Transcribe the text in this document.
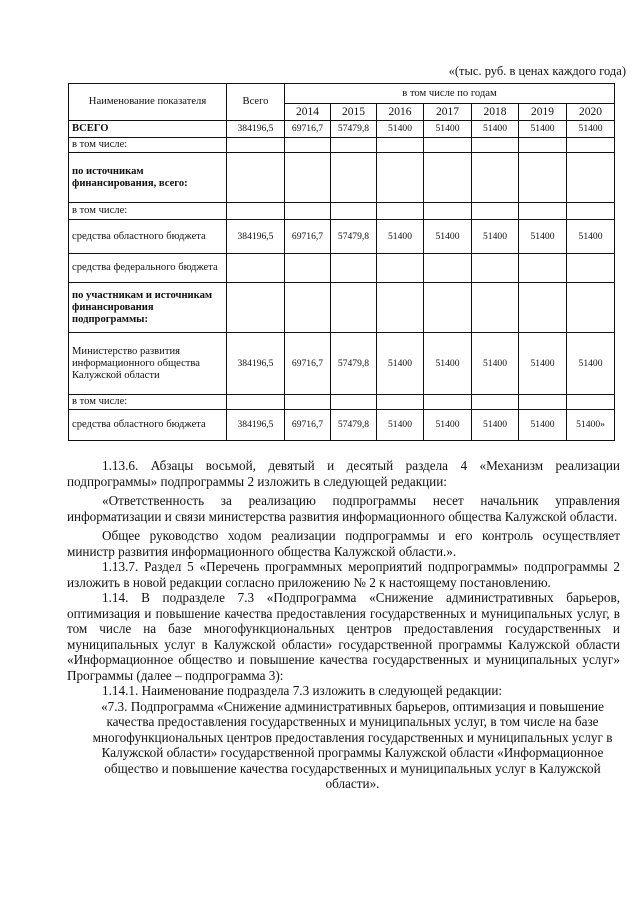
«(тыс. руб. в ценах каждого года)
Наименование показателя	Всего	в том числе по годам						
		2014	2015	2016	2017	2018	2019	2020
ВСЕГО	384196,5	69716,7	57479,8	51400	51400	51400	51400	51400
в том числе:								
по источникам финансирования, всего:								
в том числе:								
средства областного бюджета	384196,5	69716,7	57479,8	51400	51400	51400	51400	51400
средства федерального бюджета								
по участникам и источникам финансирования подпрограммы:								
Министерство развития информационного общества Калужской области	384196,5	69716,7	57479,8	51400	51400	51400	51400	51400
в том числе:								
средства областного бюджета	384196,5	69716,7	57479,8	51400	51400	51400	51400	51400»

1.13.6. Абзацы восьмой, девятый и десятый раздела 4 «Механизм реализации подпрограммы» подпрограммы 2 изложить в следующей редакции:

«Ответственность за реализацию подпрограммы несет начальник управления информатизации и связи министерства развития информационного общества Калужской области.

Общее руководство ходом реализации подпрограммы и его контроль осуществляет министр развития информационного общества Калужской области.».

1.13.7. Раздел 5 «Перечень программных мероприятий подпрограммы» подпрограммы 2 изложить в новой редакции согласно приложению № 2 к настоящему постановлению.

1.14. В подразделе 7.3 «Подпрограмма «Снижение административных барьеров, оптимизация и повышение качества предоставления государственных и муниципальных услуг, в том числе на базе многофункциональных центров предоставления государственных и муниципальных услуг в Калужской области» государственной программы Калужской области «Информационное общество и повышение качества государственных и муниципальных услуг» Программы (далее – подпрограмма 3):

1.14.1. Наименование подраздела 7.3 изложить в следующей редакции:

«7.3. Подпрограмма «Снижение административных барьеров, оптимизация и повышение качества предоставления государственных и муниципальных услуг, в том числе на базе многофункциональных центров предоставления государственных и муниципальных услуг в Калужской области» государственной программы Калужской области «Информационное общество и повышение качества государственных и муниципальных услуг в Калужской области».
